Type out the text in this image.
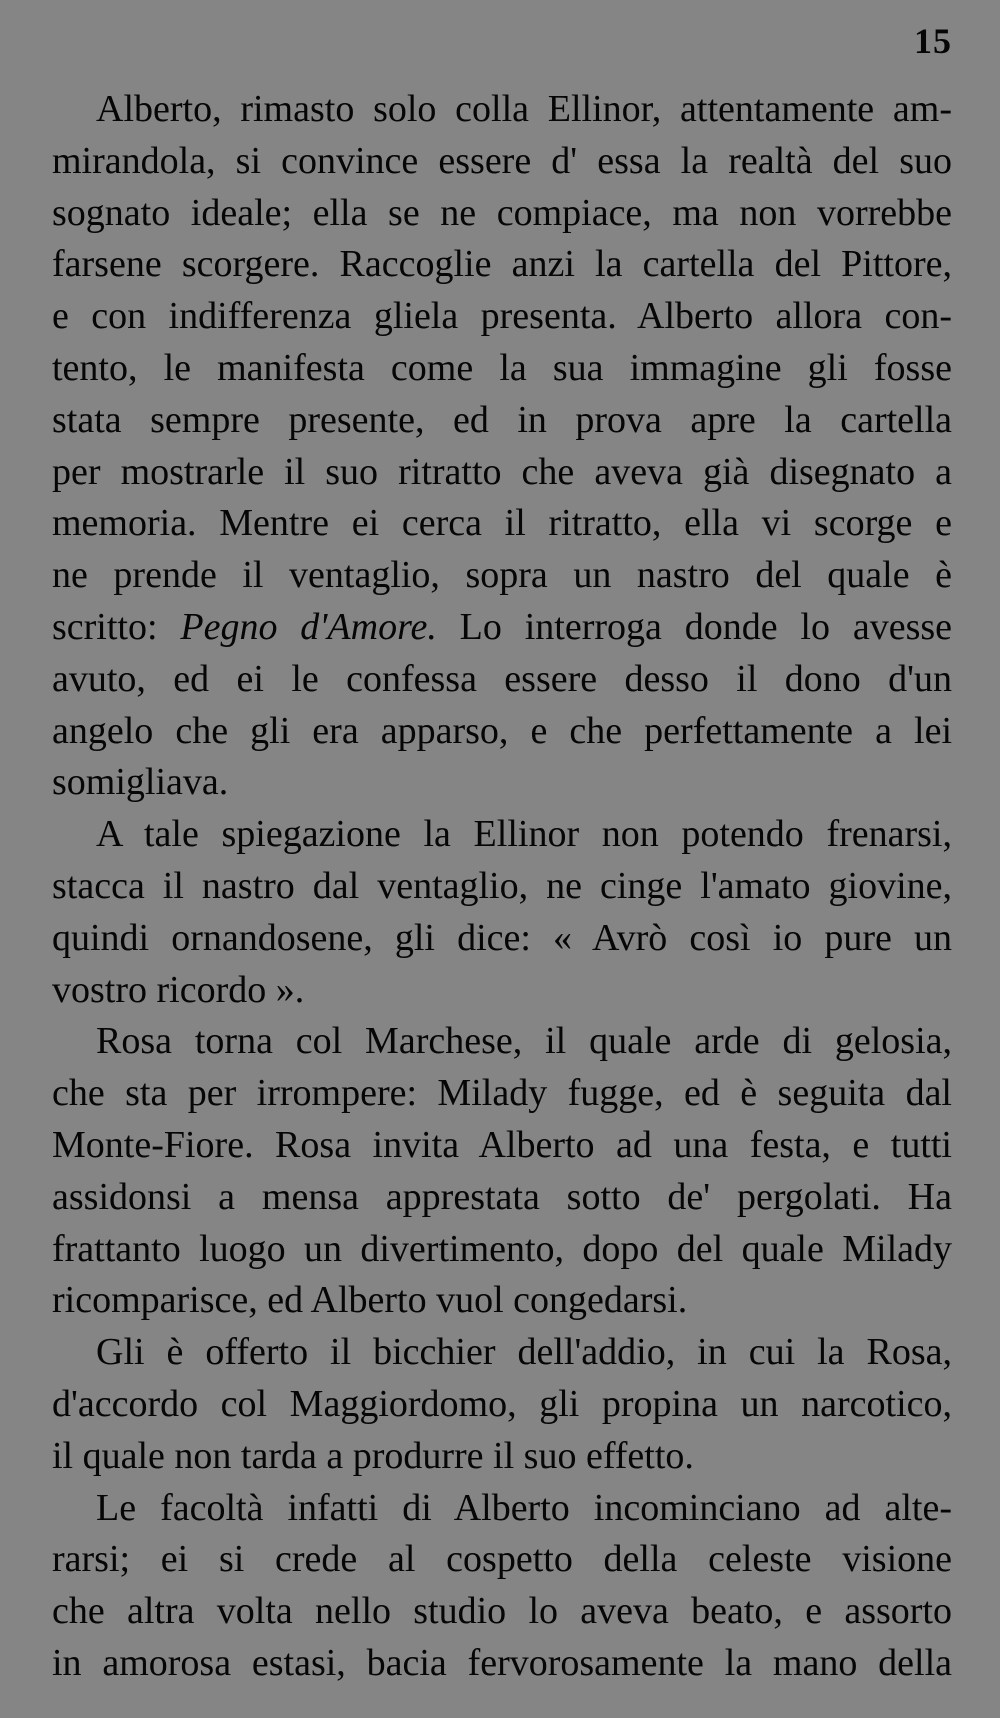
15
Alberto, rimasto solo colla Ellinor, attentamente am-
mirandola, si convince essere d' essa la realtà del suo
sognato ideale; ella se ne compiace, ma non vorrebbe
farsene scorgere. Raccoglie anzi la cartella del Pittore,
e con indifferenza gliela presenta. Alberto allora con-
tento, le manifesta come la sua immagine gli fosse
stata sempre presente, ed in prova apre la cartella
per mostrarle il suo ritratto che aveva già disegnato a
memoria. Mentre ei cerca il ritratto, ella vi scorge e
ne prende il ventaglio, sopra un nastro del quale è
scritto: Pegno d'Amore. Lo interroga donde lo avesse
avuto, ed ei le confessa essere desso il dono d'un
angelo che gli era apparso, e che perfettamente a lei
somigliava.
A tale spiegazione la Ellinor non potendo frenarsi,
stacca il nastro dal ventaglio, ne cinge l'amato giovine,
quindi ornandosene, gli dice: « Avrò così io pure un
vostro ricordo ».
Rosa torna col Marchese, il quale arde di gelosia,
che sta per irrompere: Milady fugge, ed è seguita dal
Monte-Fiore. Rosa invita Alberto ad una festa, e tutti
assidonsi a mensa apprestata sotto de' pergolati. Ha
frattanto luogo un divertimento, dopo del quale Milady
ricomparisce, ed Alberto vuol congedarsi.
Gli è offerto il bicchier dell'addio, in cui la Rosa,
d'accordo col Maggiordomo, gli propina un narcotico,
il quale non tarda a produrre il suo effetto.
Le facoltà infatti di Alberto incominciano ad alte-
rarsi; ei si crede al cospetto della celeste visione
che altra volta nello studio lo aveva beato, e assorto
in amorosa estasi, bacia fervorosamente la mano della
